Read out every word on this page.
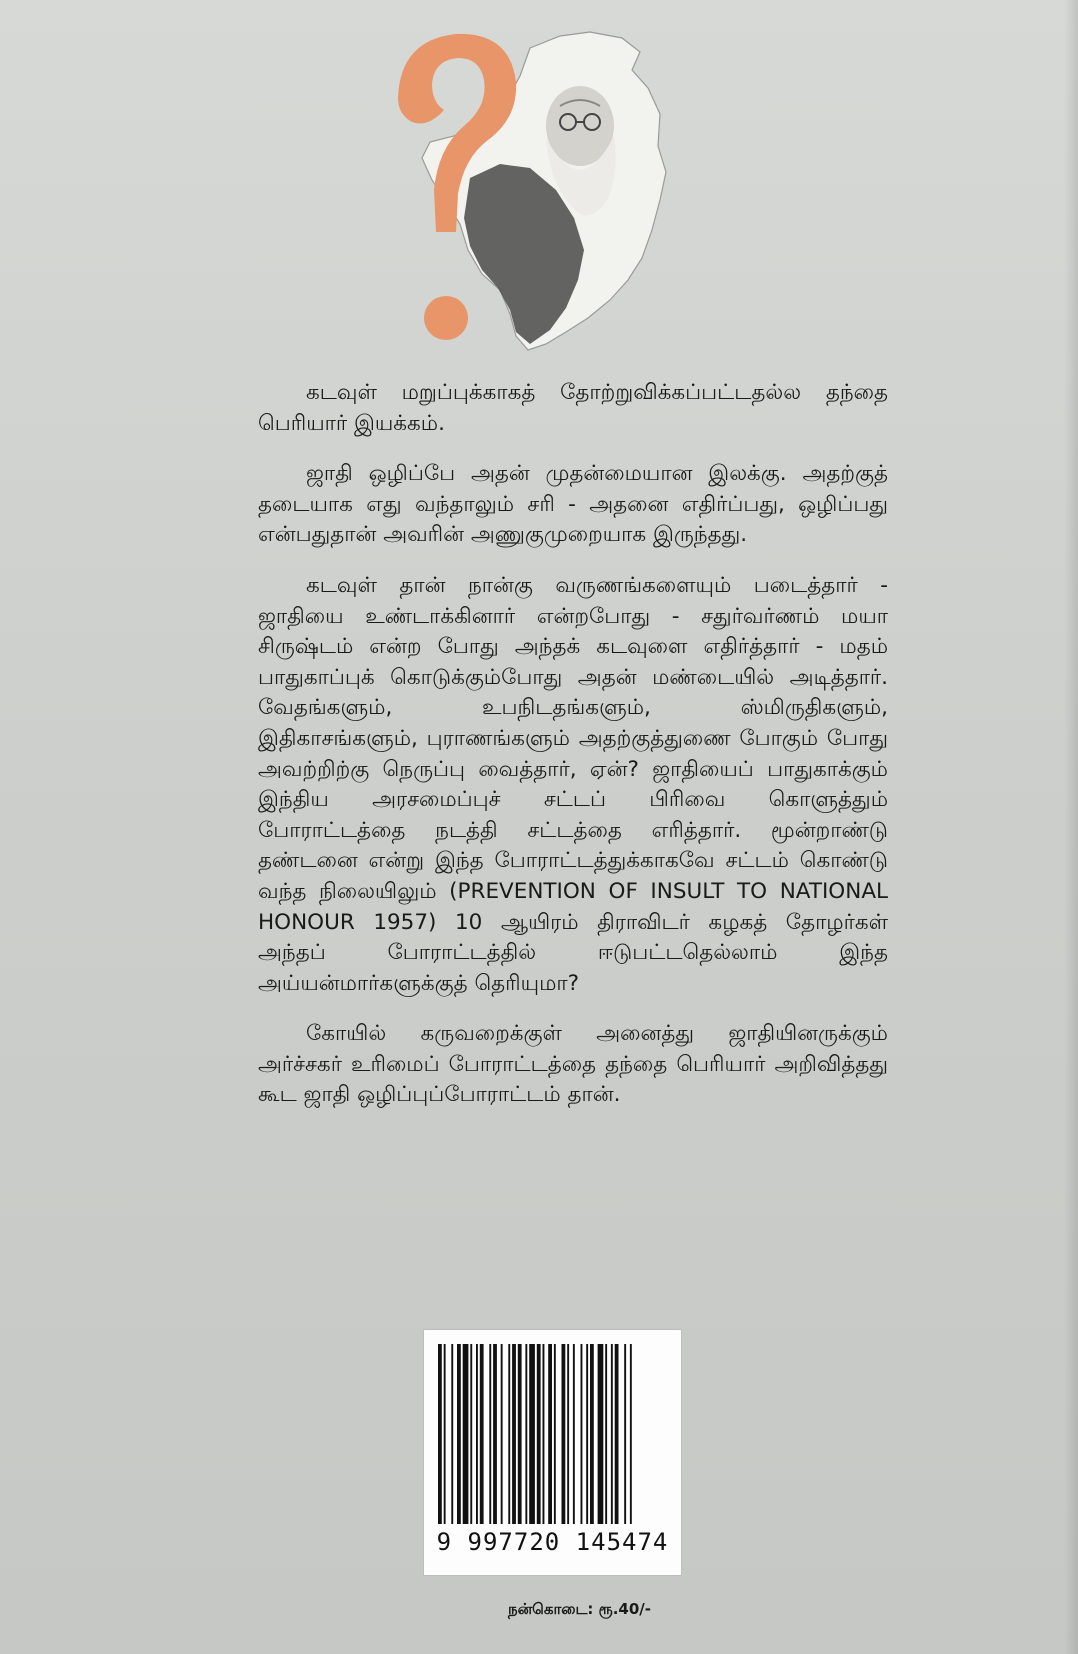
கடவுள் மறுப்புக்காகத் தோற்றுவிக்கப்பட்டதல்ல தந்தை பெரியார் இயக்கம்.

ஜாதி ஒழிப்பே அதன் முதன்மையான இலக்கு. அதற்குத் தடையாக எது வந்தாலும் சரி - அதனை எதிர்ப்பது, ஒழிப்பது என்பதுதான் அவரின் அணுகுமுறையாக இருந்தது.

கடவுள் தான் நான்கு வருணங்களையும் படைத்தார் - ஜாதியை உண்டாக்கினார் என்றபோது - சதுர்வர்ணம் மயா சிருஷ்டம் என்ற போது அந்தக் கடவுளை எதிர்த்தார் - மதம் பாதுகாப்புக் கொடுக்கும்போது அதன் மண்டையில் அடித்தார். வேதங்களும், உபநிடதங்களும், ஸ்மிருதிகளும், இதிகாசங்களும், புராணங்களும் அதற்குத்துணை போகும் போது அவற்றிற்கு நெருப்பு வைத்தார், ஏன்? ஜாதியைப் பாதுகாக்கும் இந்திய அரசமைப்புச் சட்டப் பிரிவை கொளுத்தும் போராட்டத்தை நடத்தி சட்டத்தை எரித்தார். மூன்றாண்டு தண்டனை என்று இந்த போராட்டத்துக்காகவே சட்டம் கொண்டு வந்த நிலையிலும் (PREVENTION OF INSULT TO NATIONAL HONOUR 1957) 10 ஆயிரம் திராவிடர் கழகத் தோழர்கள் அந்தப் போராட்டத்தில் ஈடுபட்டதெல்லாம் இந்த அய்யன்மார்களுக்குத் தெரியுமா?

கோயில் கருவறைக்குள் அனைத்து ஜாதியினருக்கும் அர்ச்சகர் உரிமைப் போராட்டத்தை தந்தை பெரியார் அறிவித்தது கூட ஜாதி ஒழிப்புப்போராட்டம் தான்.

9 997720 145474
நன்கொடை: ரூ.40/-
